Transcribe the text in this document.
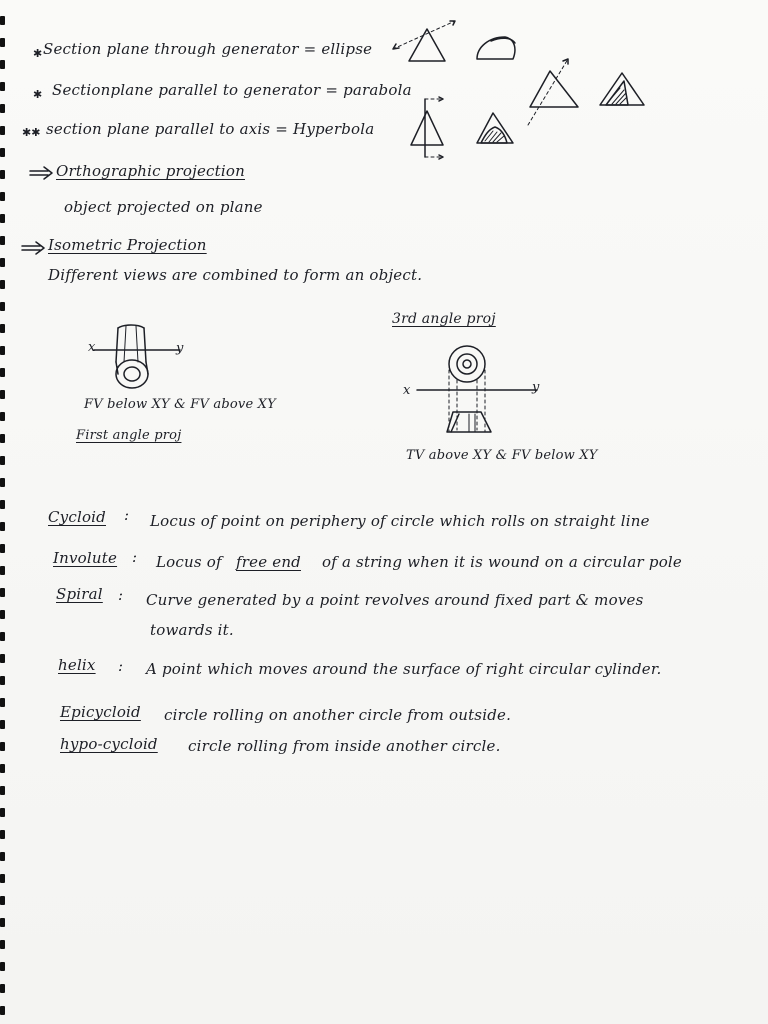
✱ Section plane through generator = ellipse
✱ Sectionplane parallel to generator = parabola
✱✱ section plane parallel to axis = Hyperbola
Orthographic projection
object projected on plane
Isometric Projection
Different views are combined to form an object.
x	y
FV below XY & FV above XY
First angle proj
3rd angle proj
x	y
TV above XY & FV below XY
Cycloid : Locus of point on periphery of circle which rolls on straight line
Involute : Locus of free end of a string when it is wound on a circular pole
Spiral : Curve generated by a point revolves around fixed part & moves
towards it.
helix : A point which moves around the surface of right circular cylinder.
Epicycloid circle rolling on another circle from outside.
hypo-cycloid circle rolling from inside another circle.
